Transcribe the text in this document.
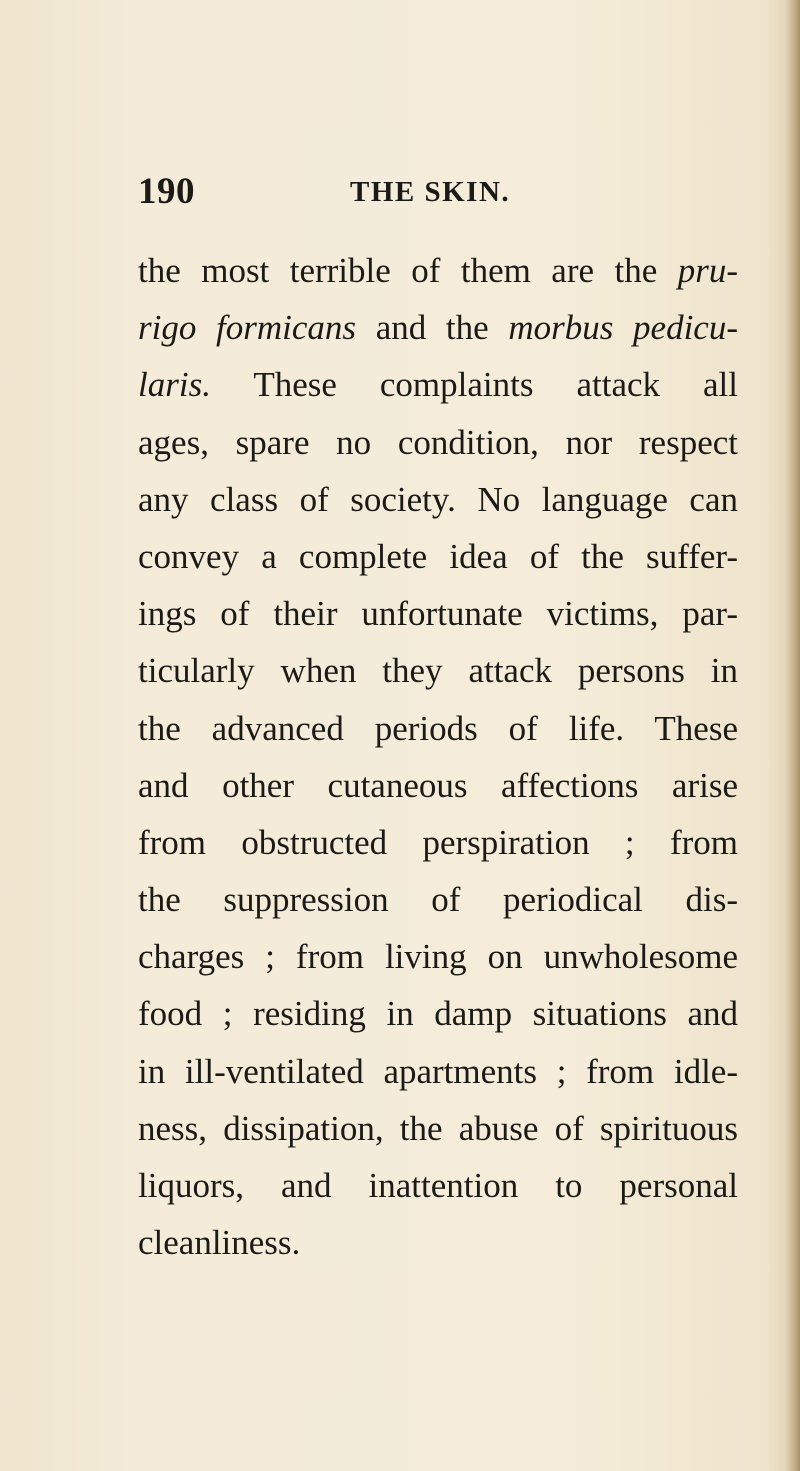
190	THE SKIN.
the most terrible of them are the pru-
rigo formicans and the morbus pedicu-
laris. These complaints attack all
ages, spare no condition, nor respect
any class of society. No language can
convey a complete idea of the suffer-
ings of their unfortunate victims, par-
ticularly when they attack persons in
the advanced periods of life. These
and other cutaneous affections arise
from obstructed perspiration ; from
the suppression of periodical dis-
charges ; from living on unwholesome
food ; residing in damp situations and
in ill-ventilated apartments ; from idle-
ness, dissipation, the abuse of spirituous
liquors, and inattention to personal
cleanliness.
